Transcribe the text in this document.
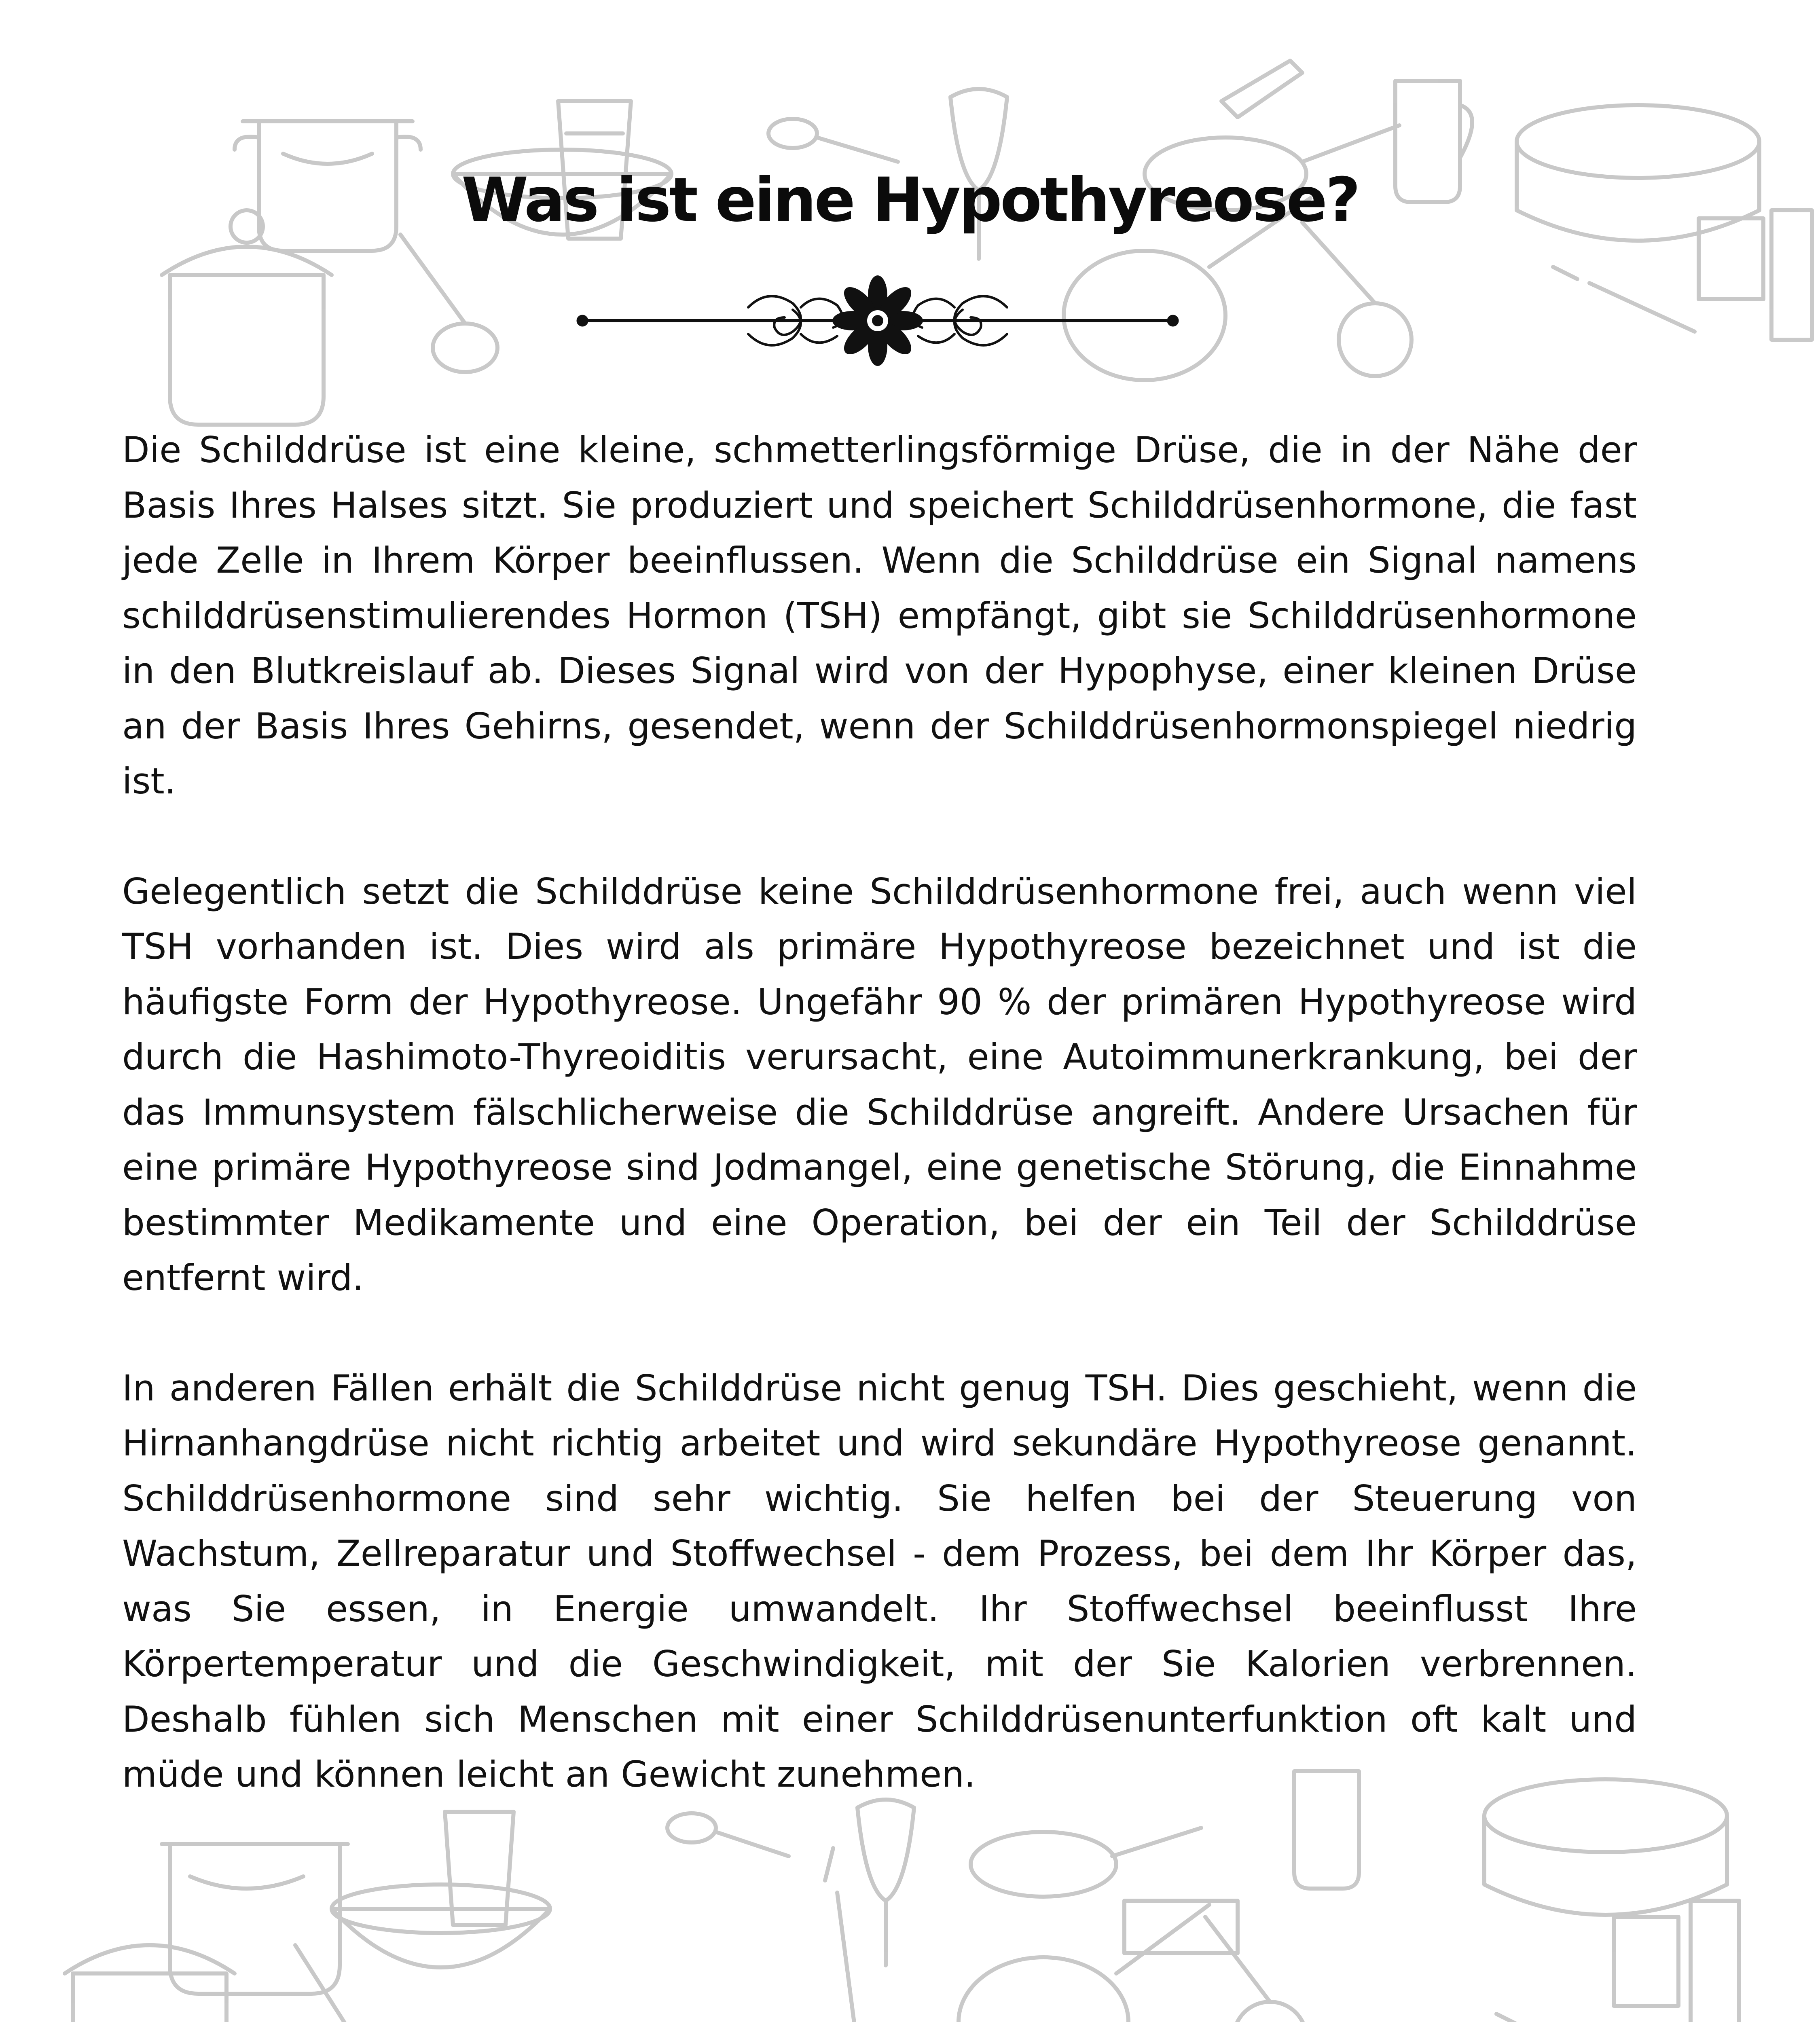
Was ist eine Hypothyreose?

Die Schilddrüse ist eine kleine, schmetterlingsförmige Drüse, die in der Nähe der Basis Ihres Halses sitzt. Sie produziert und speichert Schilddrüsenhormone, die fast jede Zelle in Ihrem Körper beeinflussen. Wenn die Schilddrüse ein Signal namens schilddrüsenstimulierendes Hormon (TSH) empfängt, gibt sie Schilddrüsenhormone in den Blutkreislauf ab. Dieses Signal wird von der Hypophyse, einer kleinen Drüse an der Basis Ihres Gehirns, gesendet, wenn der Schilddrüsenhormonspiegel niedrig ist.

Gelegentlich setzt die Schilddrüse keine Schilddrüsenhormone frei, auch wenn viel TSH vorhanden ist. Dies wird als primäre Hypothyreose bezeichnet und ist die häufigste Form der Hypothyreose. Ungefähr 90 % der primären Hypothyreose wird durch die Hashimoto-Thyreoiditis verursacht, eine Autoimmunerkrankung, bei der das Immunsystem fälschlicherweise die Schilddrüse angreift. Andere Ursachen für eine primäre Hypothyreose sind Jodmangel, eine genetische Störung, die Einnahme bestimmter Medikamente und eine Operation, bei der ein Teil der Schilddrüse entfernt wird.

In anderen Fällen erhält die Schilddrüse nicht genug TSH. Dies geschieht, wenn die Hirnanhangdrüse nicht richtig arbeitet und wird sekundäre Hypothyreose genannt. Schilddrüsenhormone sind sehr wichtig. Sie helfen bei der Steuerung von Wachstum, Zellreparatur und Stoffwechsel - dem Prozess, bei dem Ihr Körper das, was Sie essen, in Energie umwandelt. Ihr Stoffwechsel beeinflusst Ihre Körpertemperatur und die Geschwindigkeit, mit der Sie Kalorien verbrennen. Deshalb fühlen sich Menschen mit einer Schilddrüsenunterfunktion oft kalt und müde und können leicht an Gewicht zunehmen.
